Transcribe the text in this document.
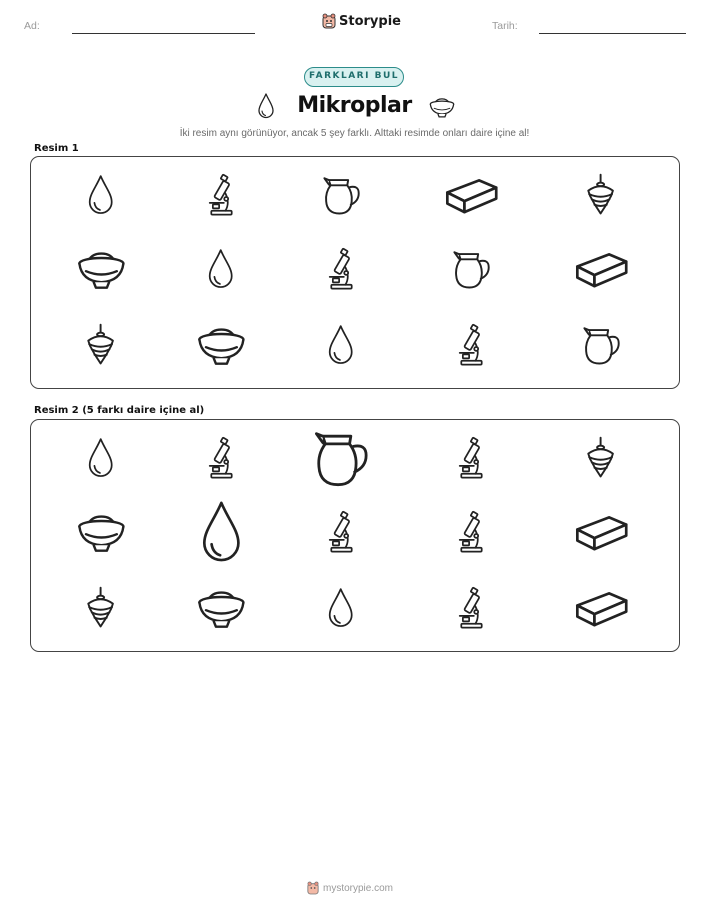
Ad:	Storypie	Tarih:
FARKLARI BUL
Mikroplar
İki resim aynı görünüyor, ancak 5 şey farklı. Alttaki resimde onları daire içine al!
Resim 1
Resim 2 (5 farkı daire içine al)
mystorypie.com
